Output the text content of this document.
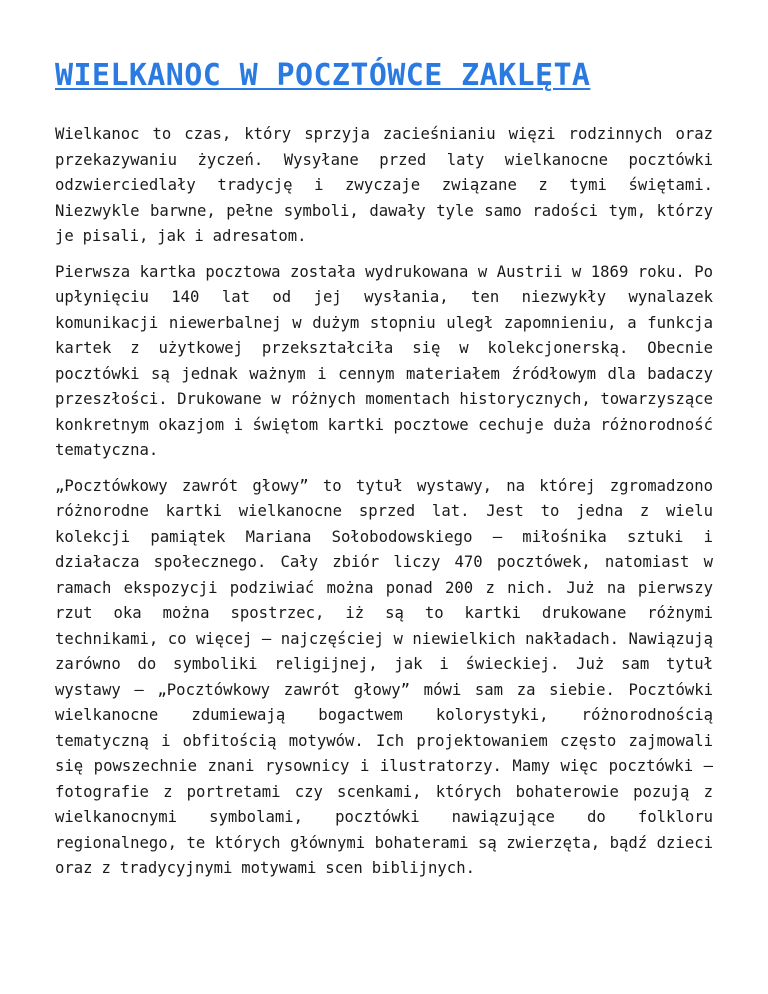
WIELKANOC W POCZTÓWCE ZAKLĘTA

Wielkanoc to czas, który sprzyja zacieśnianiu więzi rodzinnych oraz przekazywaniu życzeń. Wysyłane przed laty wielkanocne pocztówki odzwierciedlały tradycję i zwyczaje związane z tymi świętami. Niezwykle barwne, pełne symboli, dawały tyle samo radości tym, którzy je pisali, jak i adresatom.

Pierwsza kartka pocztowa została wydrukowana w Austrii w 1869 roku. Po upłynięciu 140 lat od jej wysłania, ten niezwykły wynalazek komunikacji niewerbalnej w dużym stopniu uległ zapomnieniu, a funkcja kartek z użytkowej przekształciła się w kolekcjonerską. Obecnie pocztówki są jednak ważnym i cennym materiałem źródłowym dla badaczy przeszłości. Drukowane w różnych momentach historycznych, towarzyszące konkretnym okazjom i świętom kartki pocztowe cechuje duża różnorodność tematyczna.

„Pocztówkowy zawrót głowy” to tytuł wystawy, na której zgromadzono różnorodne kartki wielkanocne sprzed lat. Jest to jedna z wielu kolekcji pamiątek Mariana Sołobodowskiego – miłośnika sztuki i działacza społecznego. Cały zbiór liczy 470 pocztówek, natomiast w ramach ekspozycji podziwiać można ponad 200 z nich. Już na pierwszy rzut oka można spostrzec, iż są to kartki drukowane różnymi technikami, co więcej – najczęściej w niewielkich nakładach. Nawiązują zarówno do symboliki religijnej, jak i świeckiej. Już sam tytuł wystawy – „Pocztówkowy zawrót głowy” mówi sam za siebie. Pocztówki wielkanocne zdumiewają bogactwem kolorystyki, różnorodnością tematyczną i obfitością motywów. Ich projektowaniem często zajmowali się powszechnie znani rysownicy i ilustratorzy. Mamy więc pocztówki – fotografie z portretami czy scenkami, których bohaterowie pozują z wielkanocnymi symbolami, pocztówki nawiązujące do folkloru regionalnego, te których głównymi bohaterami są zwierzęta, bądź dzieci oraz z tradycyjnymi motywami scen biblijnych.
